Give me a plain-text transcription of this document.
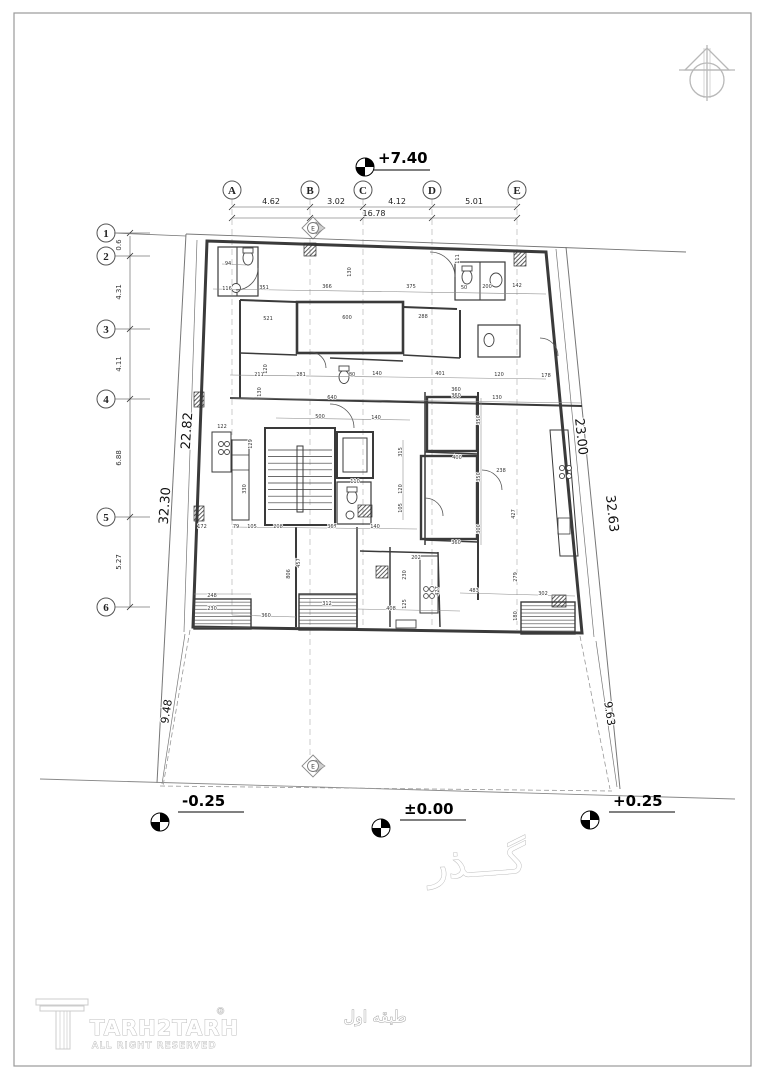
+7.40
A	B	C	D	E
4.62	3.02	4.12	5.01
16.78
1
2
3
4
5
6
0.6
4.31
4.11
6.88
5.27
E
E
94
116	351	366	375	50	200	142
111
130
521	600	288
211	281	80	140	401	120	178
120
130
640	360	130
500	140
122
129
315
120
105
110
238
427
350
400
350
300
360
360
330
172	79 105	208	367	140
806
457
248
230
360
312
408
202
230
125
427	483	302
279
180
22.82
32.30
23.00
32.63
9.48	9.63
-0.25	±0.00	+0.25
گـــذر
طبقه اول
TARH2TARH
®
ALL RIGHT RESERVED
